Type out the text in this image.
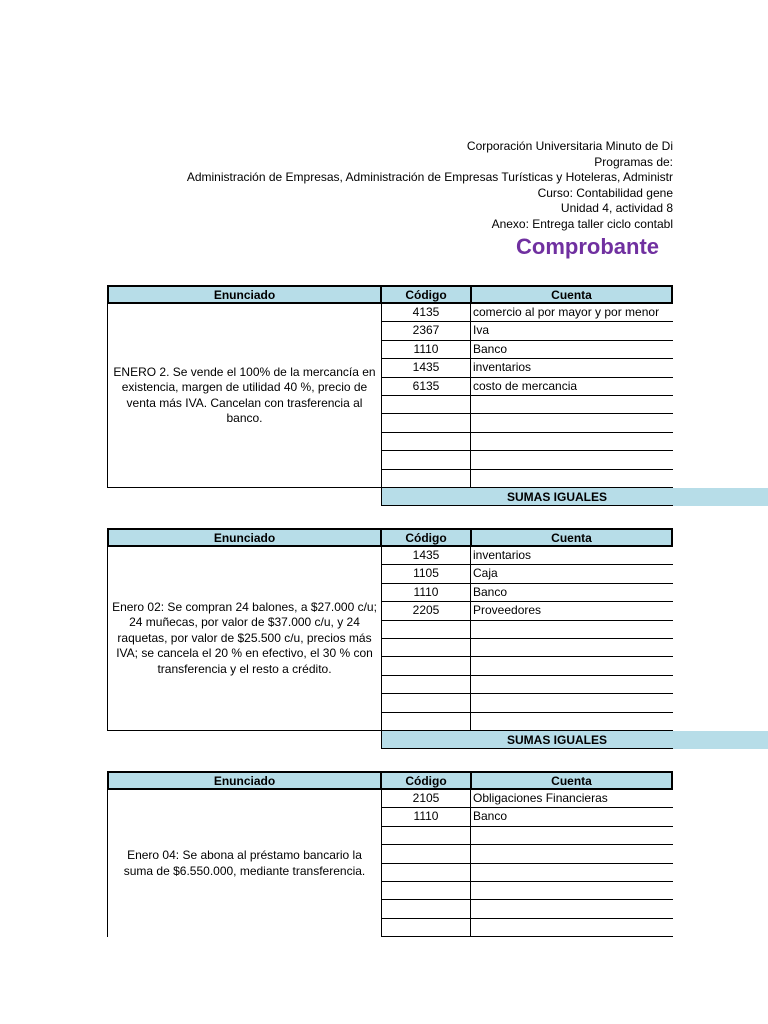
Corporación Universitaria Minuto de Di
Programas de:
Administración de Empresas, Administración de Empresas Turísticas y Hoteleras, Administr
Curso: Contabilidad gene
Unidad 4, actividad 8
Anexo: Entrega taller ciclo contabl
Comprobante
Enunciado	Código	Cuenta
ENERO 2. Se vende el 100% de la mercancía en existencia, margen de utilidad 40 %, precio de venta más IVA. Cancelan con trasferencia al banco.
4135	comercio al por mayor y por menor
2367	Iva
1110	Banco
1435	inventarios
6135	costo de mercancia
SUMAS IGUALES
Enunciado	Código	Cuenta
Enero 02: Se compran 24 balones, a $27.000 c/u; 24 muñecas, por valor de $37.000 c/u, y 24 raquetas, por valor de $25.500 c/u, precios más IVA; se cancela el 20 % en efectivo, el 30 % con transferencia y el resto a crédito.
1435	inventarios
1105	Caja
1110	Banco
2205	Proveedores
SUMAS IGUALES
Enunciado	Código	Cuenta
Enero 04: Se abona al préstamo bancario la suma de $6.550.000, mediante transferencia.
2105	Obligaciones Financieras
1110	Banco
